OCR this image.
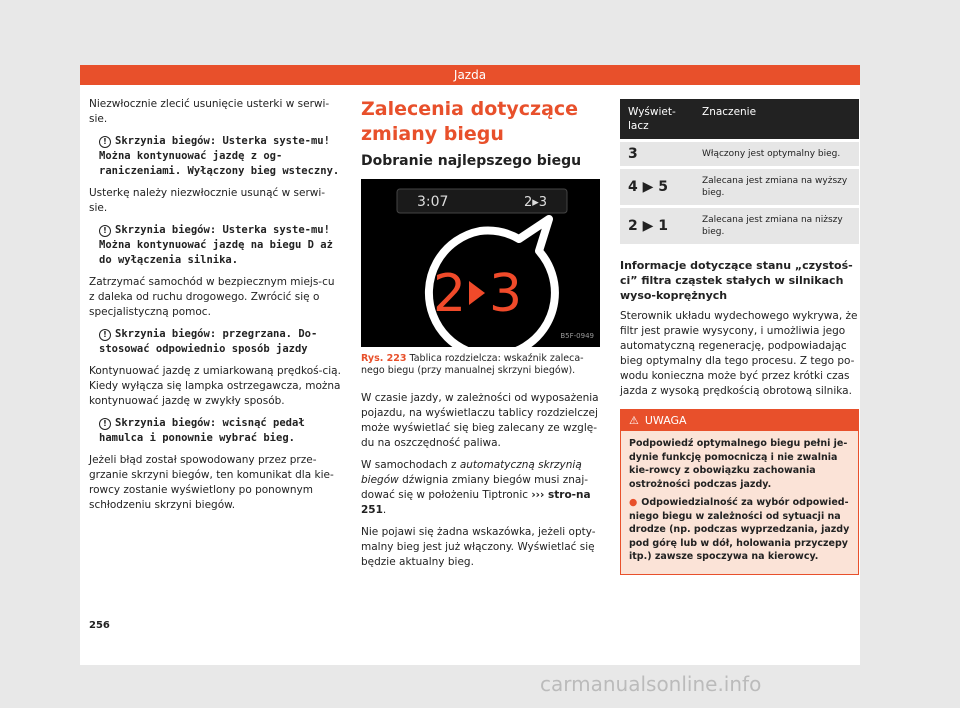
Jazda

Niezwłocznie zlecić usunięcie usterki w serwi-sie.

! Skrzynia biegów: Usterka syste-mu! Można kontynuować jazdę z og-raniczeniami. Wyłączony bieg wsteczny.

Usterkę należy niezwłocznie usunąć w serwi-sie.

! Skrzynia biegów: Usterka syste-mu! Można kontynuować jazdę na biegu D aż do wyłączenia silnika.

Zatrzymać samochód w bezpiecznym miejs-cu z daleka od ruchu drogowego. Zwrócić się o specjalistyczną pomoc.

! Skrzynia biegów: przegrzana. Do-stosować odpowiednio sposób jazdy

Kontynuować jazdę z umiarkowaną prędkoś-cią. Kiedy wyłącza się lampka ostrzegawcza, można kontynuować jazdę w zwykły sposób.

! Skrzynia biegów: wcisnąć pedał hamulca i ponownie wybrać bieg.

Jeżeli błąd został spowodowany przez prze-grzanie skrzyni biegów, ten komunikat dla kie-rowcy zostanie wyświetlony po ponownym schłodzeniu skrzyni biegów.

Zalecenia dotyczące zmiany biegu
Dobranie najlepszego biegu
3:07	2▸3
2 3
B5F-0949
Rys. 223 Tablica rozdzielcza: wskaźnik zaleca-nego biegu (przy manualnej skrzyni biegów).

W czasie jazdy, w zależności od wyposażenia pojazdu, na wyświetlaczu tablicy rozdzielczej może wyświetlać się bieg zalecany ze wzglę-du na oszczędność paliwa.

W samochodach z automatyczną skrzynią biegów dźwignia zmiany biegów musi znaj-dować się w położeniu Tiptronic ››› stro-na 251.

Nie pojawi się żadna wskazówka, jeżeli opty-malny bieg jest już włączony. Wyświetlać się będzie aktualny bieg.

Wyświet-lacz	Znaczenie
3	Włączony jest optymalny bieg.
4 ▶ 5	Zalecana jest zmiana na wyższy bieg.
2 ▶ 1	Zalecana jest zmiana na niższy bieg.
Informacje dotyczące stanu „czystoś-ci” filtra cząstek stałych w silnikach wyso-koprężnych

Sterownik układu wydechowego wykrywa, że filtr jest prawie wysycony, i umożliwia jego automatyczną regenerację, podpowiadając bieg optymalny dla tego procesu. Z tego po-wodu konieczna może być przez krótki czas jazda z wysoką prędkością obrotową silnika.

⚠ UWAGA

Podpowiedź optymalnego biegu pełni je-dynie funkcję pomocniczą i nie zwalnia kie-rowcy z obowiązku zachowania ostrożności podczas jazdy.

● Odpowiedzialność za wybór odpowied-niego biegu w zależności od sytuacji na drodze (np. podczas wyprzedzania, jazdy pod górę lub w dół, holowania przyczepy itp.) zawsze spoczywa na kierowcy.

256
carmanualsonline.info
